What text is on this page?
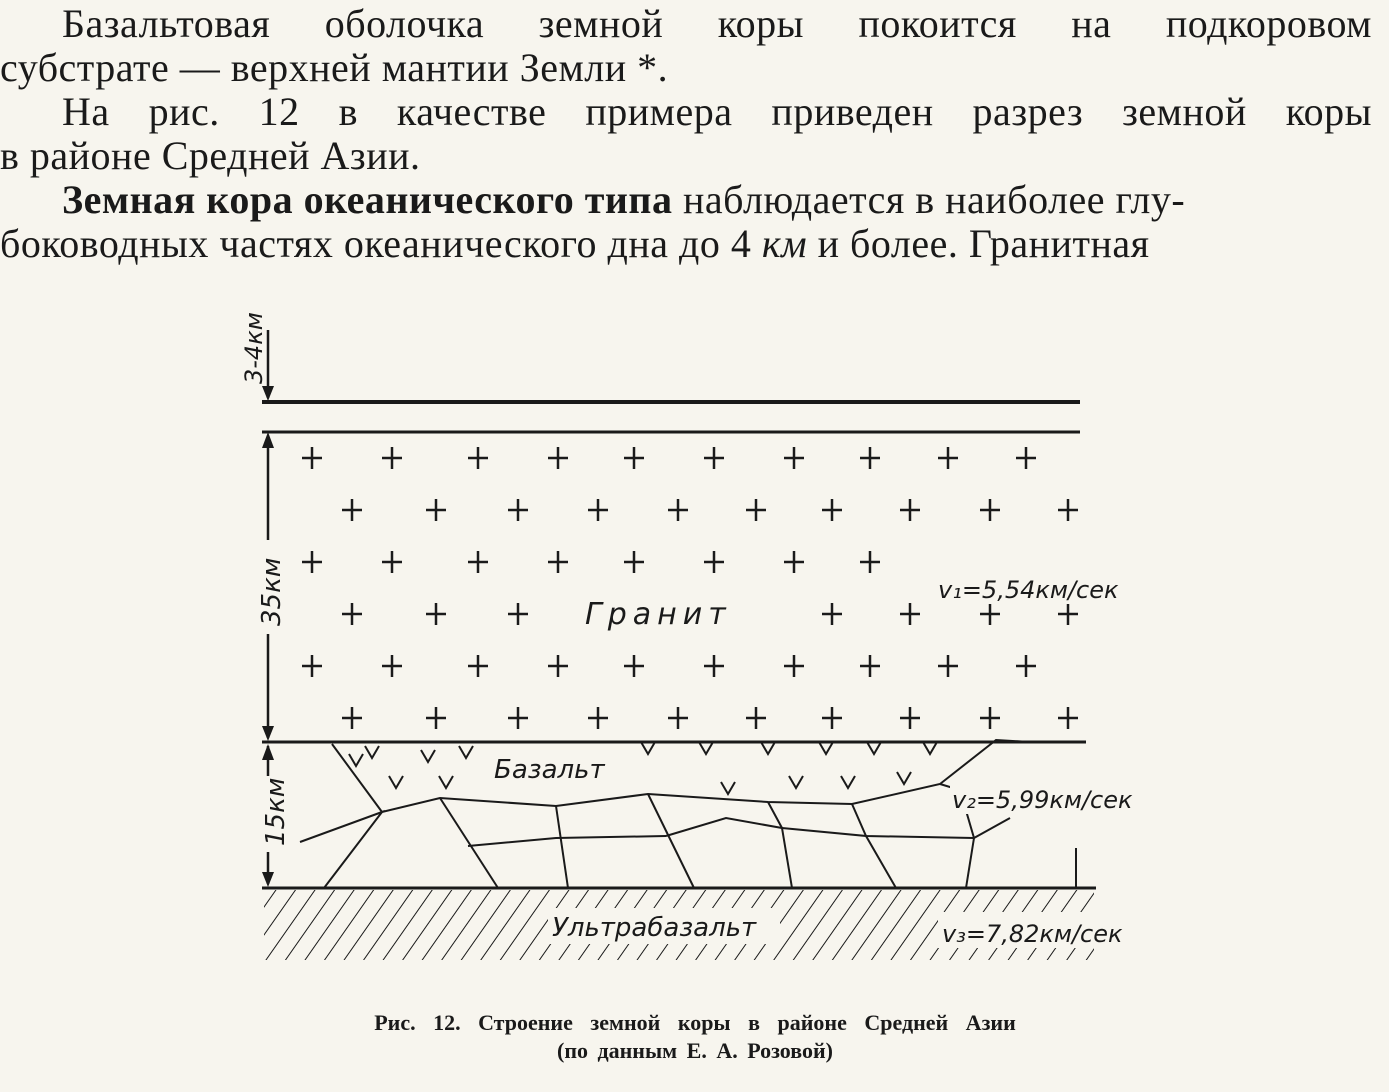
Базальтовая оболочка земной коры покоится на подкоровом
субстрате — верхней мантии Земли *.
На рис. 12 в качестве примера приведен разрез земной коры
в районе Средней Азии.
Земная кора океанического типа наблюдается в наиболее глу-
боководных частях океанического дна до 4 км и более. Гранитная
3-4км
35км
15км
Гранит
v₁=5,54км/сек
Базальт
v₂=5,99км/сек
Ультрабазальт	v₃=7,82км/сек
Рис. 12. Строение земной коры в районе Средней Азии
(по данным Е. А. Розовой)
